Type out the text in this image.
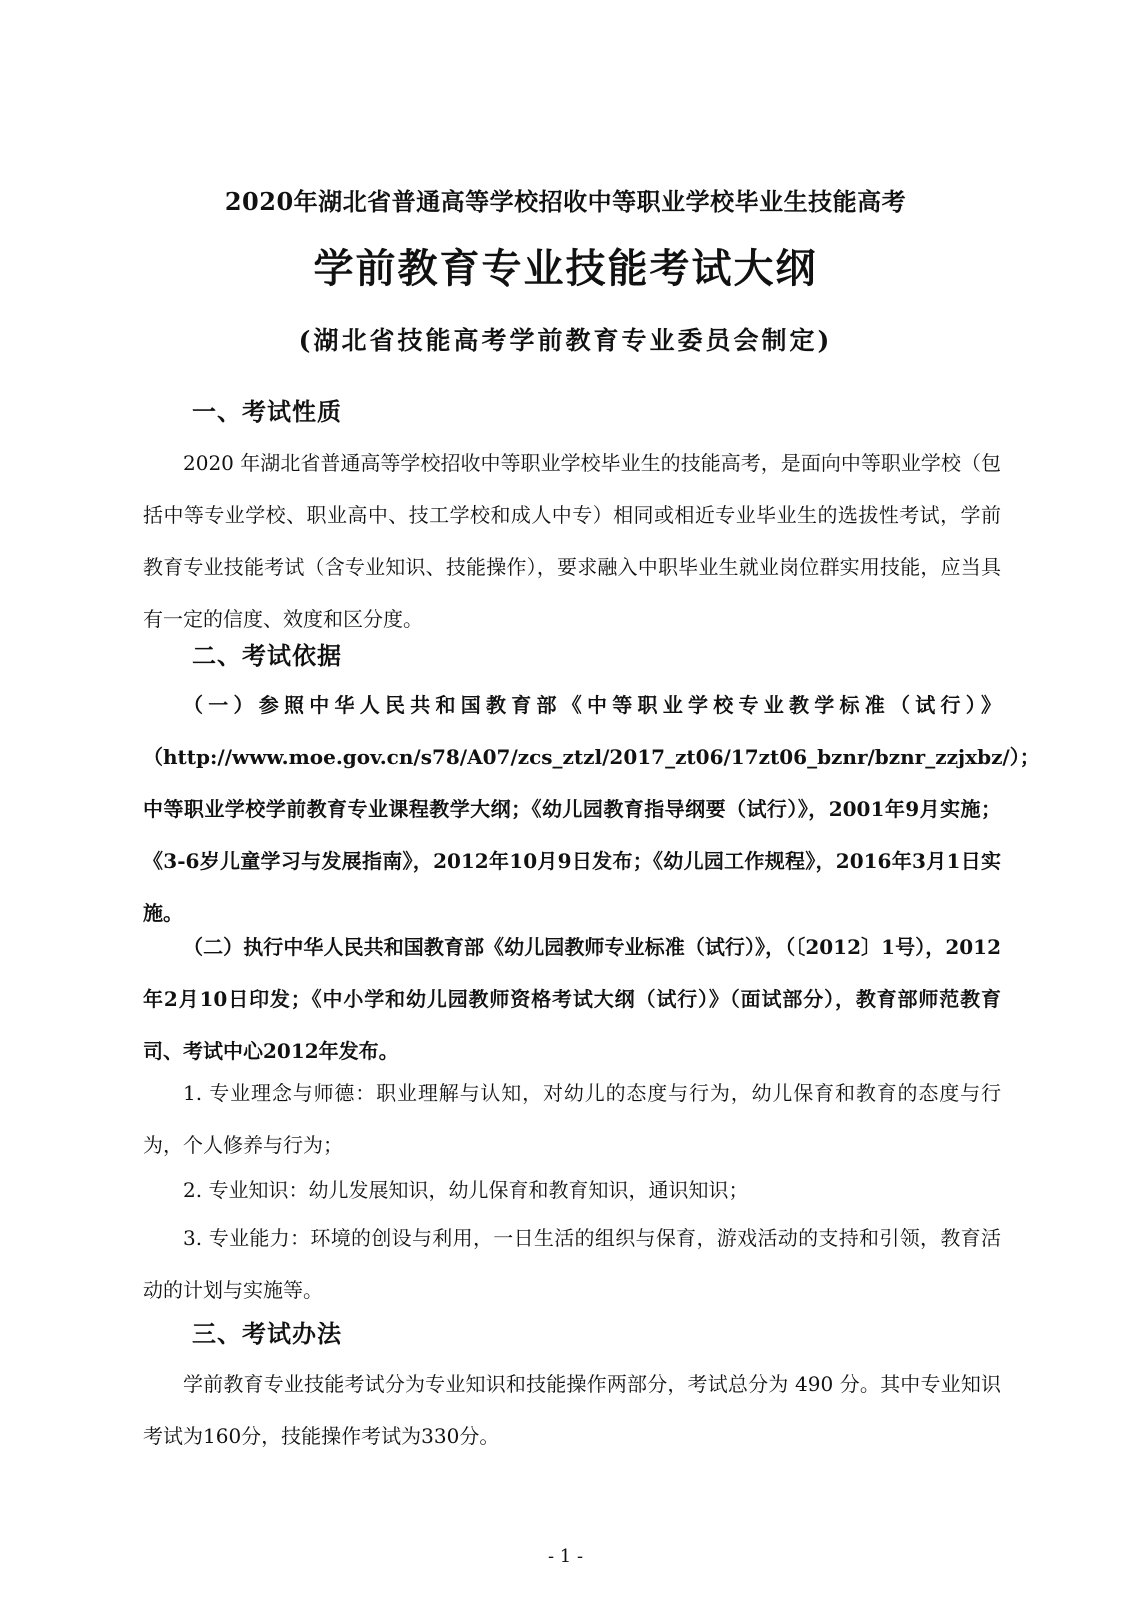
2020年湖北省普通高等学校招收中等职业学校毕业生技能高考
学前教育专业技能考试大纲
(湖北省技能高考学前教育专业委员会制定)
一、考试性质
2020 年湖北省普通高等学校招收中等职业学校毕业生的技能高考，是面向中等职业学校（包括中等专业学校、职业高中、技工学校和成人中专）相同或相近专业毕业生的选拔性考试，学前教育专业技能考试（含专业知识、技能操作），要求融入中职毕业生就业岗位群实用技能，应当具有一定的信度、效度和区分度。
二、考试依据
（一）参照中华人民共和国教育部《中等职业学校专业教学标准（试行）》（http://www.moe.gov.cn/s78/A07/zcs_ztzl/2017_zt06/17zt06_bznr/bznr_zzjxbz/）；中等职业学校学前教育专业课程教学大纲；《幼儿园教育指导纲要（试行）》，2001年9月实施；《3-6岁儿童学习与发展指南》，2012年10月9日发布；《幼儿园工作规程》，2016年3月1日实施。
（二）执行中华人民共和国教育部《幼儿园教师专业标准（试行）》，（〔2012〕1号），2012年2月10日印发；《中小学和幼儿园教师资格考试大纲（试行）》（面试部分），教育部师范教育司、考试中心2012年发布。
1. 专业理念与师德：职业理解与认知，对幼儿的态度与行为，幼儿保育和教育的态度与行为，个人修养与行为；
2. 专业知识：幼儿发展知识，幼儿保育和教育知识，通识知识；
3. 专业能力：环境的创设与利用，一日生活的组织与保育，游戏活动的支持和引领，教育活动的计划与实施等。
三、考试办法
学前教育专业技能考试分为专业知识和技能操作两部分，考试总分为 490 分。其中专业知识考试为160分，技能操作考试为330分。
- 1 -
